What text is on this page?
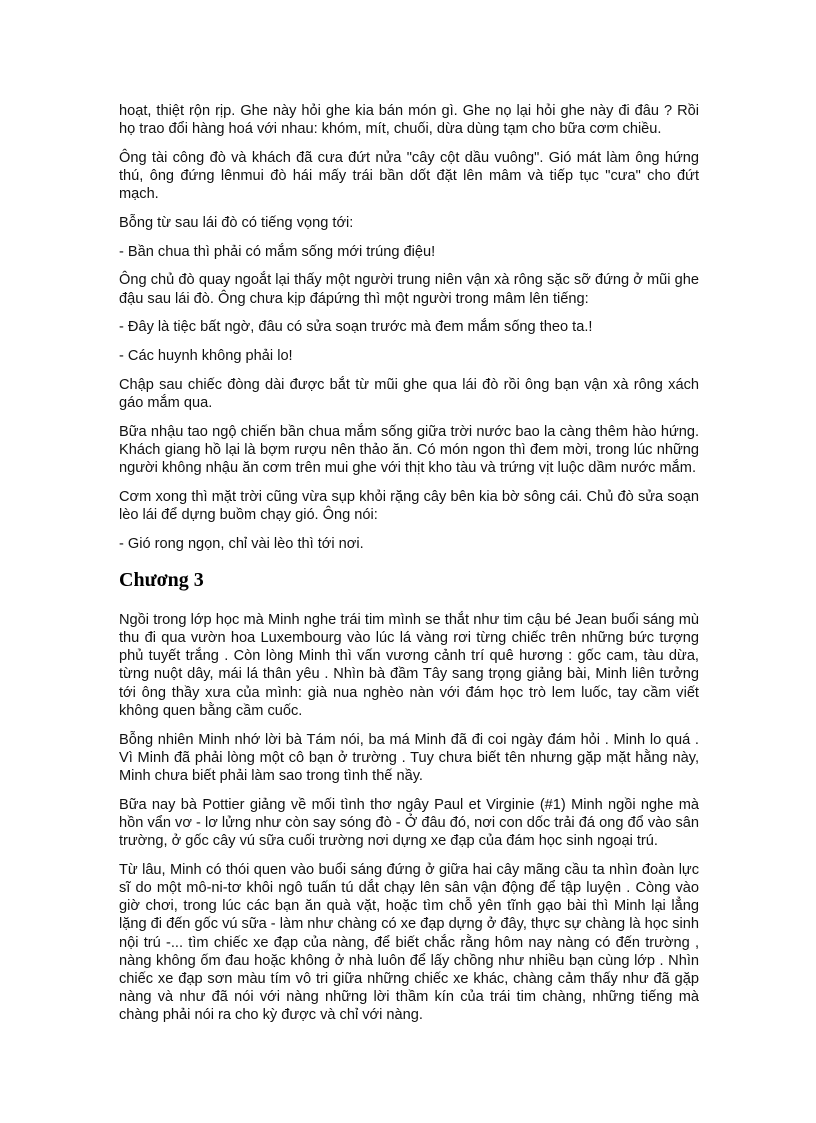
hoạt, thiệt rộn rịp. Ghe này hỏi ghe kia bán món gì. Ghe nọ lại hỏi ghe này đi đâu ? Rồi họ trao đổi hàng hoá với nhau: khóm, mít, chuối, dừa dùng tạm cho bữa cơm chiều.

Ông tài công đò và khách đã cưa đứt nửa "cây cột dầu vuông". Gió mát làm ông hứng thú, ông đứng lênmui đò hái mấy trái bần dốt đặt lên mâm và tiếp tục "cưa" cho đứt mạch.

Bỗng từ sau lái đò có tiếng vọng tới:

- Bần chua thì phải có mắm sống mới trúng điệu!

Ông chủ đò quay ngoắt lại thấy một người trung niên vận xà rông sặc sỡ đứng ở mũi ghe đậu sau lái đò. Ông chưa kịp đápứng thì một người trong mâm lên tiếng:

- Đây là tiệc bất ngờ, đâu có sửa soạn trước mà đem mắm sống theo ta.!

- Các huynh không phải lo!

Chập sau chiếc đòng dài được bắt từ mũi ghe qua lái đò rồi ông bạn vận xà rông xách gáo mắm qua.

Bữa nhậu tao ngộ chiến bần chua mắm sống giữa trời nước bao la càng thêm hào hứng. Khách giang hồ lại là bợm rượu nên thảo ăn. Có món ngon thì đem mời, trong lúc những người không nhậu ăn cơm trên mui ghe với thịt kho tàu và trứng vịt luộc dầm nước mắm.

Cơm xong thì mặt trời cũng vừa sụp khỏi rặng cây bên kia bờ sông cái. Chủ đò sửa soạn lèo lái để dựng buồm chạy gió. Ông nói:

- Gió rong ngọn, chỉ vài lèo thì tới nơi.

Chương 3

Ngồi trong lớp học mà Minh nghe trái tim mình se thắt như tim cậu bé Jean buổi sáng mù thu đi qua vườn hoa Luxembourg vào lúc lá vàng rơi từng chiếc trên những bức tượng phủ tuyết trắng . Còn lòng Minh thì vấn vương cảnh trí quê hương : gốc cam, tàu dừa, từng nuột dây, mái lá thân yêu . Nhìn bà đầm Tây sang trọng giảng bài, Minh liên tưởng tới ông thầy xưa của mình: già nua nghèo nàn với đám học trò lem luốc, tay cầm viết không quen bằng cầm cuốc.

Bỗng nhiên Minh nhớ lời bà Tám nói, ba má Minh đã đi coi ngày đám hỏi . Minh lo quá . Vì Minh đã phải lòng một cô bạn ở trường . Tuy chưa biết tên nhưng gặp mặt hằng này, Minh chưa biết phải làm sao trong tình thế nầy.

Bữa nay bà Pottier giảng về mối tình thơ ngây Paul et Virginie (#1) Minh ngồi nghe mà hồn vẩn vơ - lơ lửng như còn say sóng đò - Ở đâu đó, nơi con dốc trải đá ong đổ vào sân trường, ở gốc cây vú sữa cuối trường nơi dựng xe đạp của đám học sinh ngoại trú.

Từ lâu, Minh có thói quen vào buổi sáng đứng ở giữa hai cây mãng cầu ta nhìn đoàn lực sĩ do một mô-ni-tơ khôi ngô tuấn tú dắt chạy lên sân vận động để tập luyện . Còng vào giờ chơi, trong lúc các bạn ăn quà vặt, hoặc tìm chỗ yên tĩnh gạo bài thì Minh lại lẳng lặng đi đến gốc vú sữa - làm như chàng có xe đạp dựng ở đây, thực sự chàng là học sinh nội trú -... tìm chiếc xe đạp của nàng, để biết chắc rằng hôm nay nàng có đến trường , nàng không ốm đau hoặc không ở nhà luôn để lấy chồng như nhiều bạn cùng lớp . Nhìn chiếc xe đạp sơn màu tím vô tri giữa những chiếc xe khác, chàng cảm thấy như đã gặp nàng và như đã nói với nàng những lời thầm kín của trái tim chàng, những tiếng mà chàng phải nói ra cho kỳ được và chỉ với nàng.
